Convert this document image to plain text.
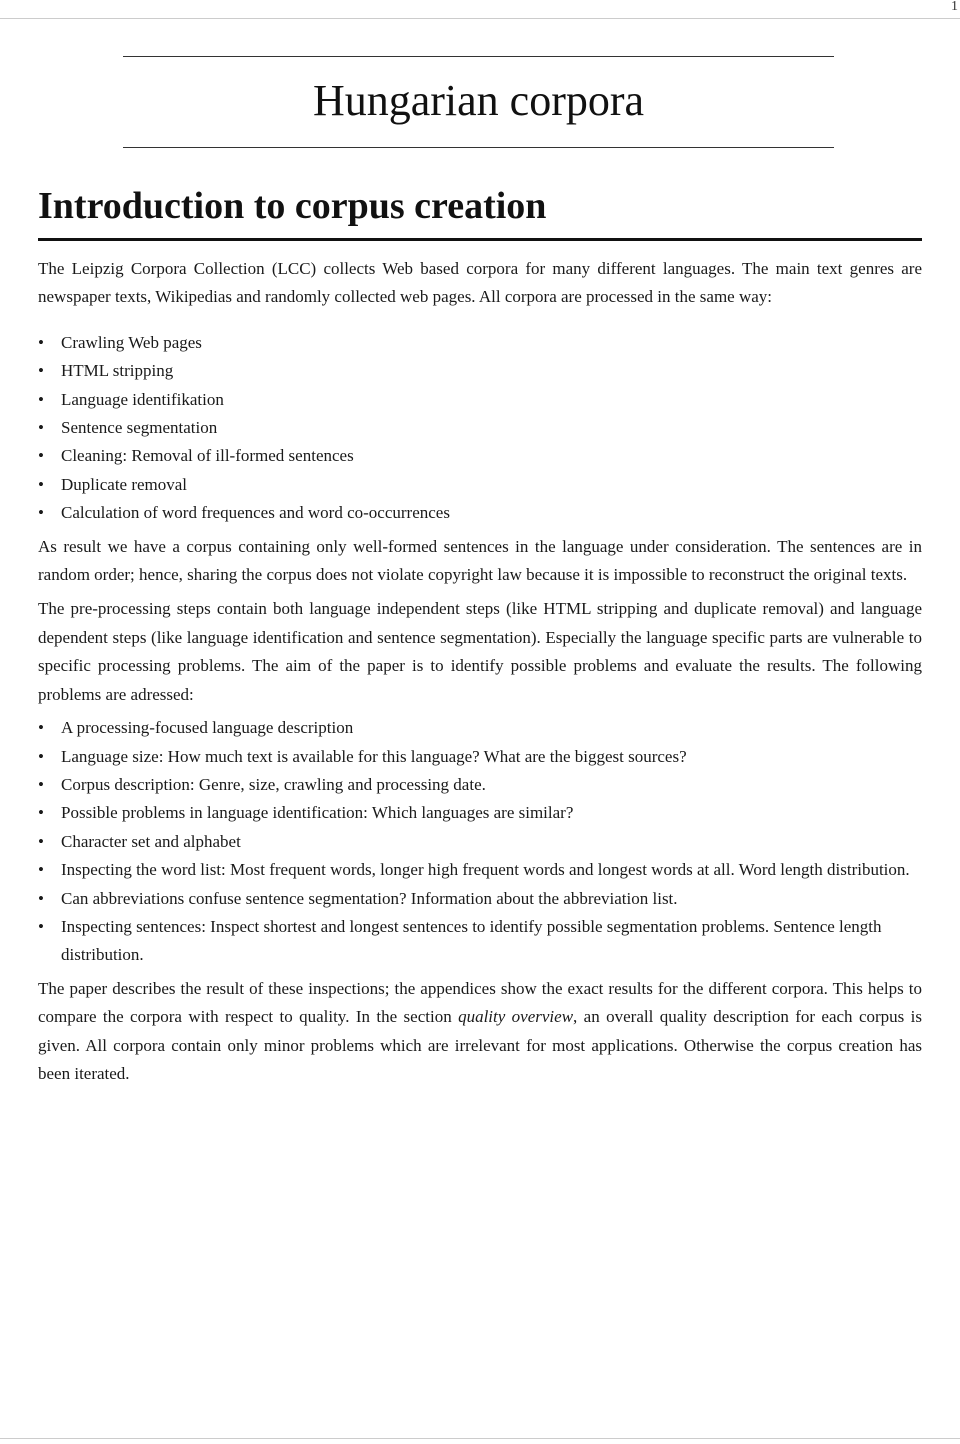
1
Hungarian corpora
Introduction to corpus creation

The Leipzig Corpora Collection (LCC) collects Web based corpora for many different languages. The main text genres are newspaper texts, Wikipedias and randomly collected web pages. All corpora are processed in the same way:

• Crawling Web pages
• HTML stripping
• Language identifikation
• Sentence segmentation
• Cleaning: Removal of ill-formed sentences
• Duplicate removal
• Calculation of word frequences and word co-occurrences

As result we have a corpus containing only well-formed sentences in the language under consideration. The sentences are in random order; hence, sharing the corpus does not violate copyright law because it is impossible to reconstruct the original texts.

The pre-processing steps contain both language independent steps (like HTML stripping and duplicate removal) and language dependent steps (like language identification and sentence segmentation). Especially the language specific parts are vulnerable to specific processing problems. The aim of the paper is to identify possible problems and evaluate the results. The following problems are adressed:

• A processing-focused language description
• Language size: How much text is available for this language? What are the biggest sources?
• Corpus description: Genre, size, crawling and processing date.
• Possible problems in language identification: Which languages are similar?
• Character set and alphabet
• Inspecting the word list: Most frequent words, longer high frequent words and longest words at all. Word length distribution.
• Can abbreviations confuse sentence segmentation? Information about the abbreviation list.
• Inspecting sentences: Inspect shortest and longest sentences to identify possible segmentation problems. Sentence length distribution.

The paper describes the result of these inspections; the appendices show the exact results for the different corpora. This helps to compare the corpora with respect to quality. In the section quality overview, an overall quality description for each corpus is given. All corpora contain only minor problems which are irrelevant for most applications. Otherwise the corpus creation has been iterated.
